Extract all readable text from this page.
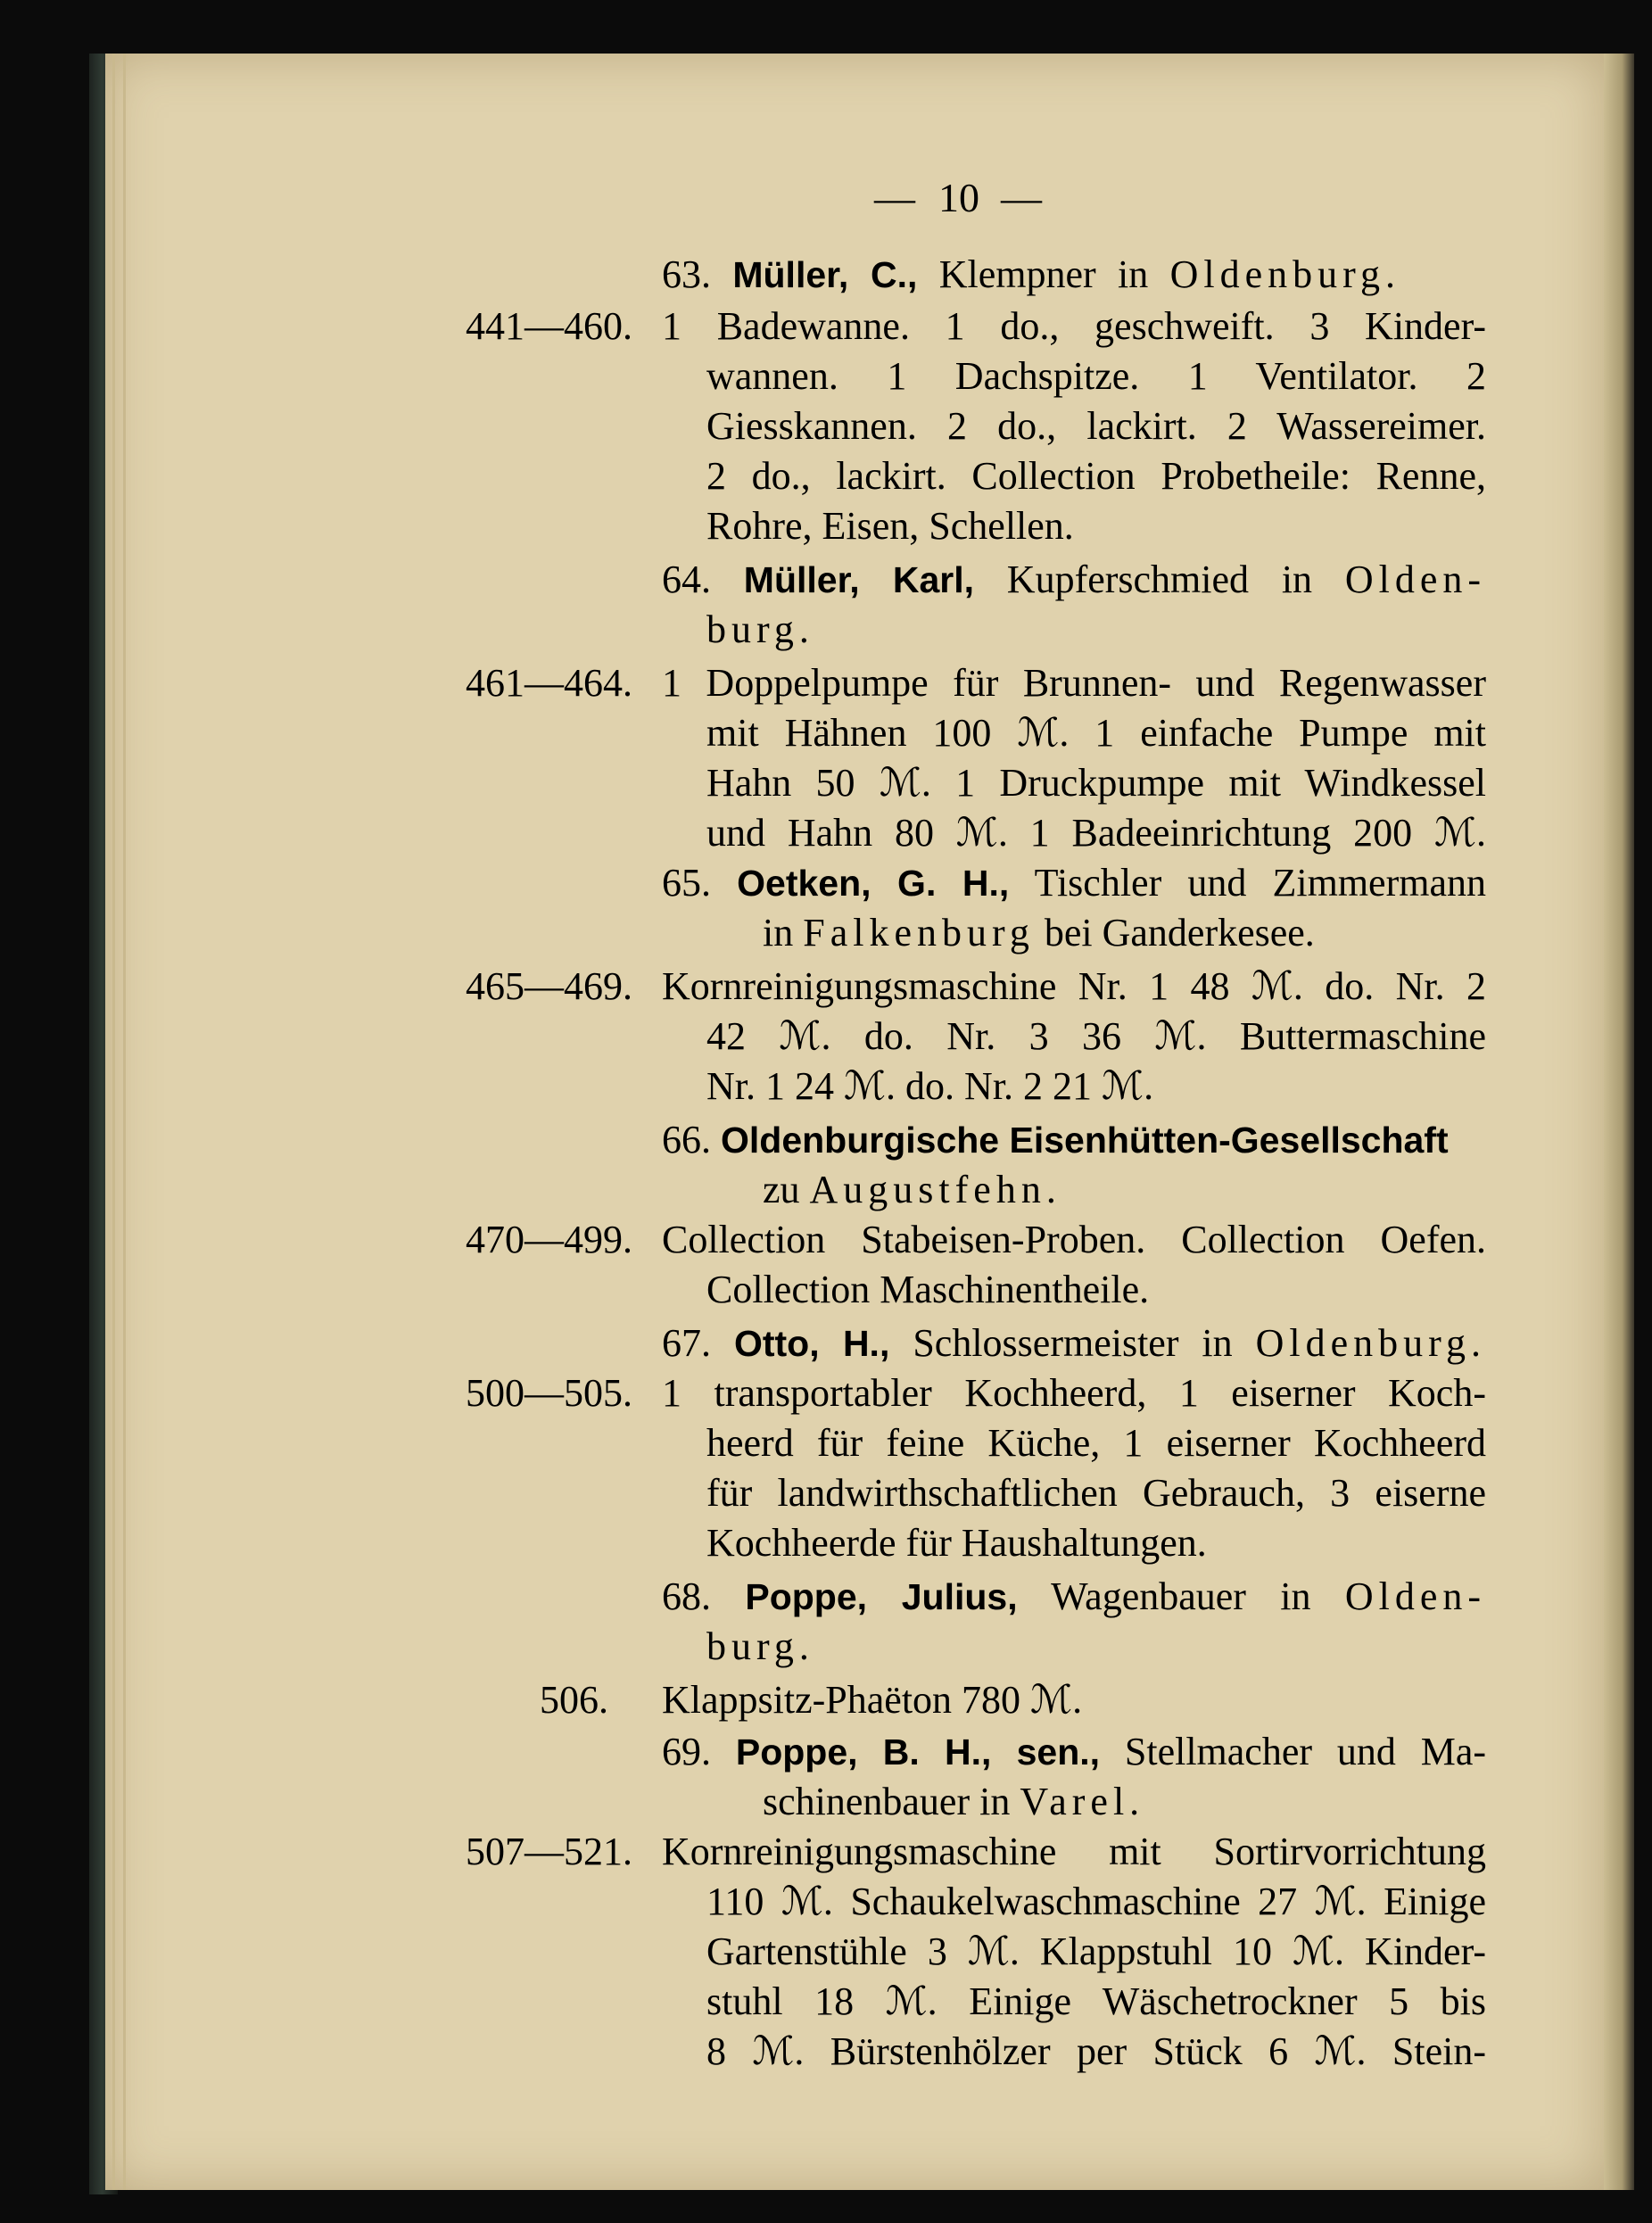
— 10 —
63. Müller, C., Klempner in Oldenburg.
441—460. 1 Badewanne. 1 do., geschweift. 3 Kinder-
wannen. 1 Dachspitze. 1 Ventilator. 2
Giesskannen. 2 do., lackirt. 2 Wassereimer.
2 do., lackirt. Collection Probetheile: Renne,
Rohre, Eisen, Schellen.
64. Müller, Karl, Kupferschmied in Olden-
burg.
461—464. 1 Doppelpumpe für Brunnen- und Regenwasser
mit Hähnen 100 ℳ. 1 einfache Pumpe mit
Hahn 50 ℳ. 1 Druckpumpe mit Windkessel
und Hahn 80 ℳ. 1 Badeeinrichtung 200 ℳ.
65. Oetken, G. H., Tischler und Zimmermann
in Falkenburg bei Ganderkesee.
465—469. Kornreinigungsmaschine Nr. 1 48 ℳ. do. Nr. 2
42 ℳ. do. Nr. 3 36 ℳ. Buttermaschine
Nr. 1 24 ℳ. do. Nr. 2 21 ℳ.
66. Oldenburgische Eisenhütten-Gesellschaft
zu Augustfehn.
470—499. Collection Stabeisen-Proben. Collection Oefen.
Collection Maschinentheile.
67. Otto, H., Schlossermeister in Oldenburg.
500—505. 1 transportabler Kochheerd, 1 eiserner Koch-
heerd für feine Küche, 1 eiserner Kochheerd
für landwirthschaftlichen Gebrauch, 3 eiserne
Kochheerde für Haushaltungen.
68. Poppe, Julius, Wagenbauer in Olden-
burg.
506.	Klappsitz-Phaëton 780 ℳ.
69. Poppe, B. H., sen., Stellmacher und Ma-
schinenbauer in Varel.
507—521. Kornreinigungsmaschine mit Sortirvorrichtung
110 ℳ. Schaukelwaschmaschine 27 ℳ. Einige
Gartenstühle 3 ℳ. Klappstuhl 10 ℳ. Kinder-
stuhl 18 ℳ. Einige Wäschetrockner 5 bis
8 ℳ. Bürstenhölzer per Stück 6 ℳ. Stein-
